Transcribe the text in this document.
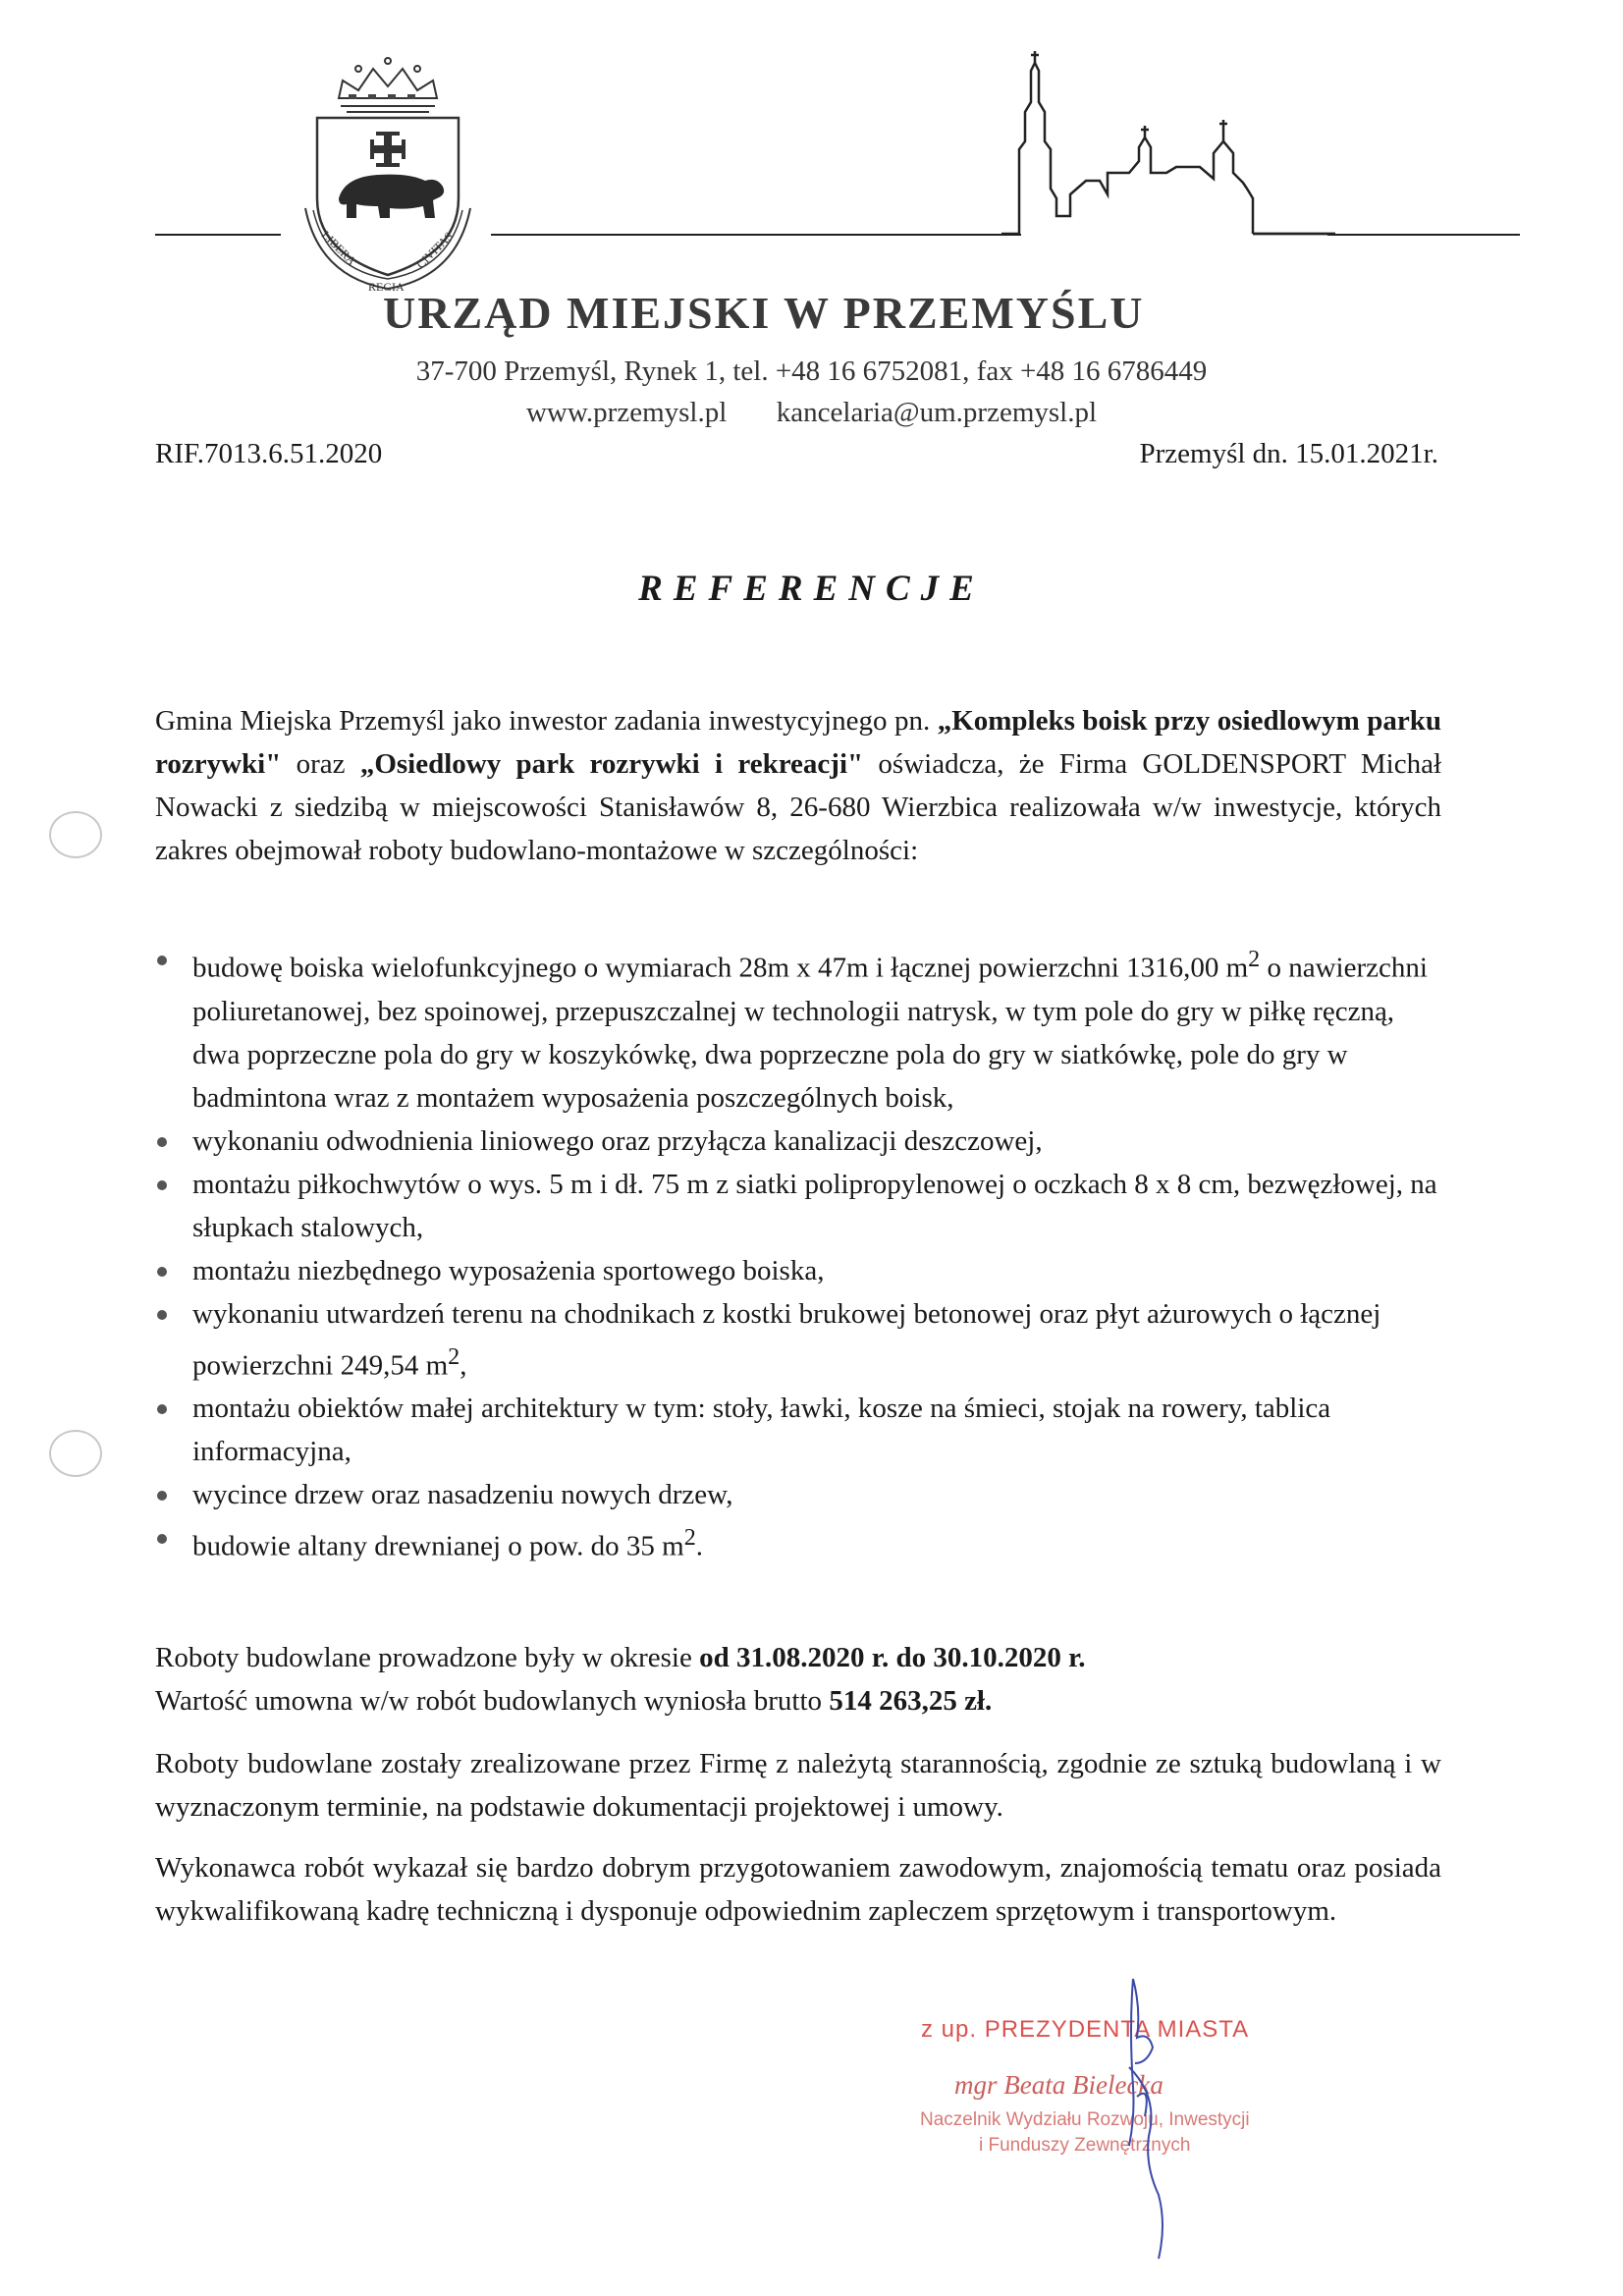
LIBERA
REGIA
CIVITAS
URZĄD MIEJSKI W PRZEMYŚLU
37-700 Przemyśl, Rynek 1, tel. +48 16 6752081, fax +48 16 6786449
www.przemysl.pl kancelaria@um.przemysl.pl
RIF.7013.6.51.2020	Przemyśl dn. 15.01.2021r.
REFERENCJE
Gmina Miejska Przemyśl jako inwestor zadania inwestycyjnego pn. „Kompleks boisk przy osiedlowym parku rozrywki" oraz „Osiedlowy park rozrywki i rekreacji" oświadcza, że Firma GOLDENSPORT Michał Nowacki z siedzibą w miejscowości Stanisławów 8, 26-680 Wierzbica realizowała w/w inwestycje, których zakres obejmował roboty budowlano-montażowe w szczególności:
budowę boiska wielofunkcyjnego o wymiarach 28m x 47m i łącznej powierzchni 1316,00 $m^2$ o nawierzchni poliuretanowej, bez spoinowej, przepuszczalnej w technologii natrysk, w tym pole do gry w piłkę ręczną, dwa poprzeczne pola do gry w koszykówkę, dwa poprzeczne pola do gry w siatkówkę, pole do gry w badmintona wraz z montażem wyposażenia poszczególnych boisk,
wykonaniu odwodnienia liniowego oraz przyłącza kanalizacji deszczowej,
montażu piłkochwytów o wys. 5 m i dł. 75 m z siatki polipropylenowej o oczkach 8 x 8 cm, bezwęzłowej, na słupkach stalowych,
montażu niezbędnego wyposażenia sportowego boiska,
wykonaniu utwardzeń terenu na chodnikach z kostki brukowej betonowej oraz płyt ażurowych o łącznej powierzchni 249,54 $m^2$,
montażu obiektów małej architektury w tym: stoły, ławki, kosze na śmieci, stojak na rowery, tablica informacyjna,
wycince drzew oraz nasadzeniu nowych drzew,
budowie altany drewnianej o pow. do 35 $m^2$.
Roboty budowlane prowadzone były w okresie od 31.08.2020 r. do 30.10.2020 r.
Wartość umowna w/w robót budowlanych wyniosła brutto 514 263,25 zł.
Roboty budowlane zostały zrealizowane przez Firmę z należytą starannością, zgodnie ze sztuką budowlaną i w wyznaczonym terminie, na podstawie dokumentacji projektowej i umowy.
Wykonawca robót wykazał się bardzo dobrym przygotowaniem zawodowym, znajomością tematu oraz posiada wykwalifikowaną kadrę techniczną i dysponuje odpowiednim zapleczem sprzętowym i transportowym.
z up. PREZYDENTA MIASTA
mgr Beata Bielecka
Naczelnik Wydziału Rozwoju, Inwestycji
i Funduszy Zewnętrznych
